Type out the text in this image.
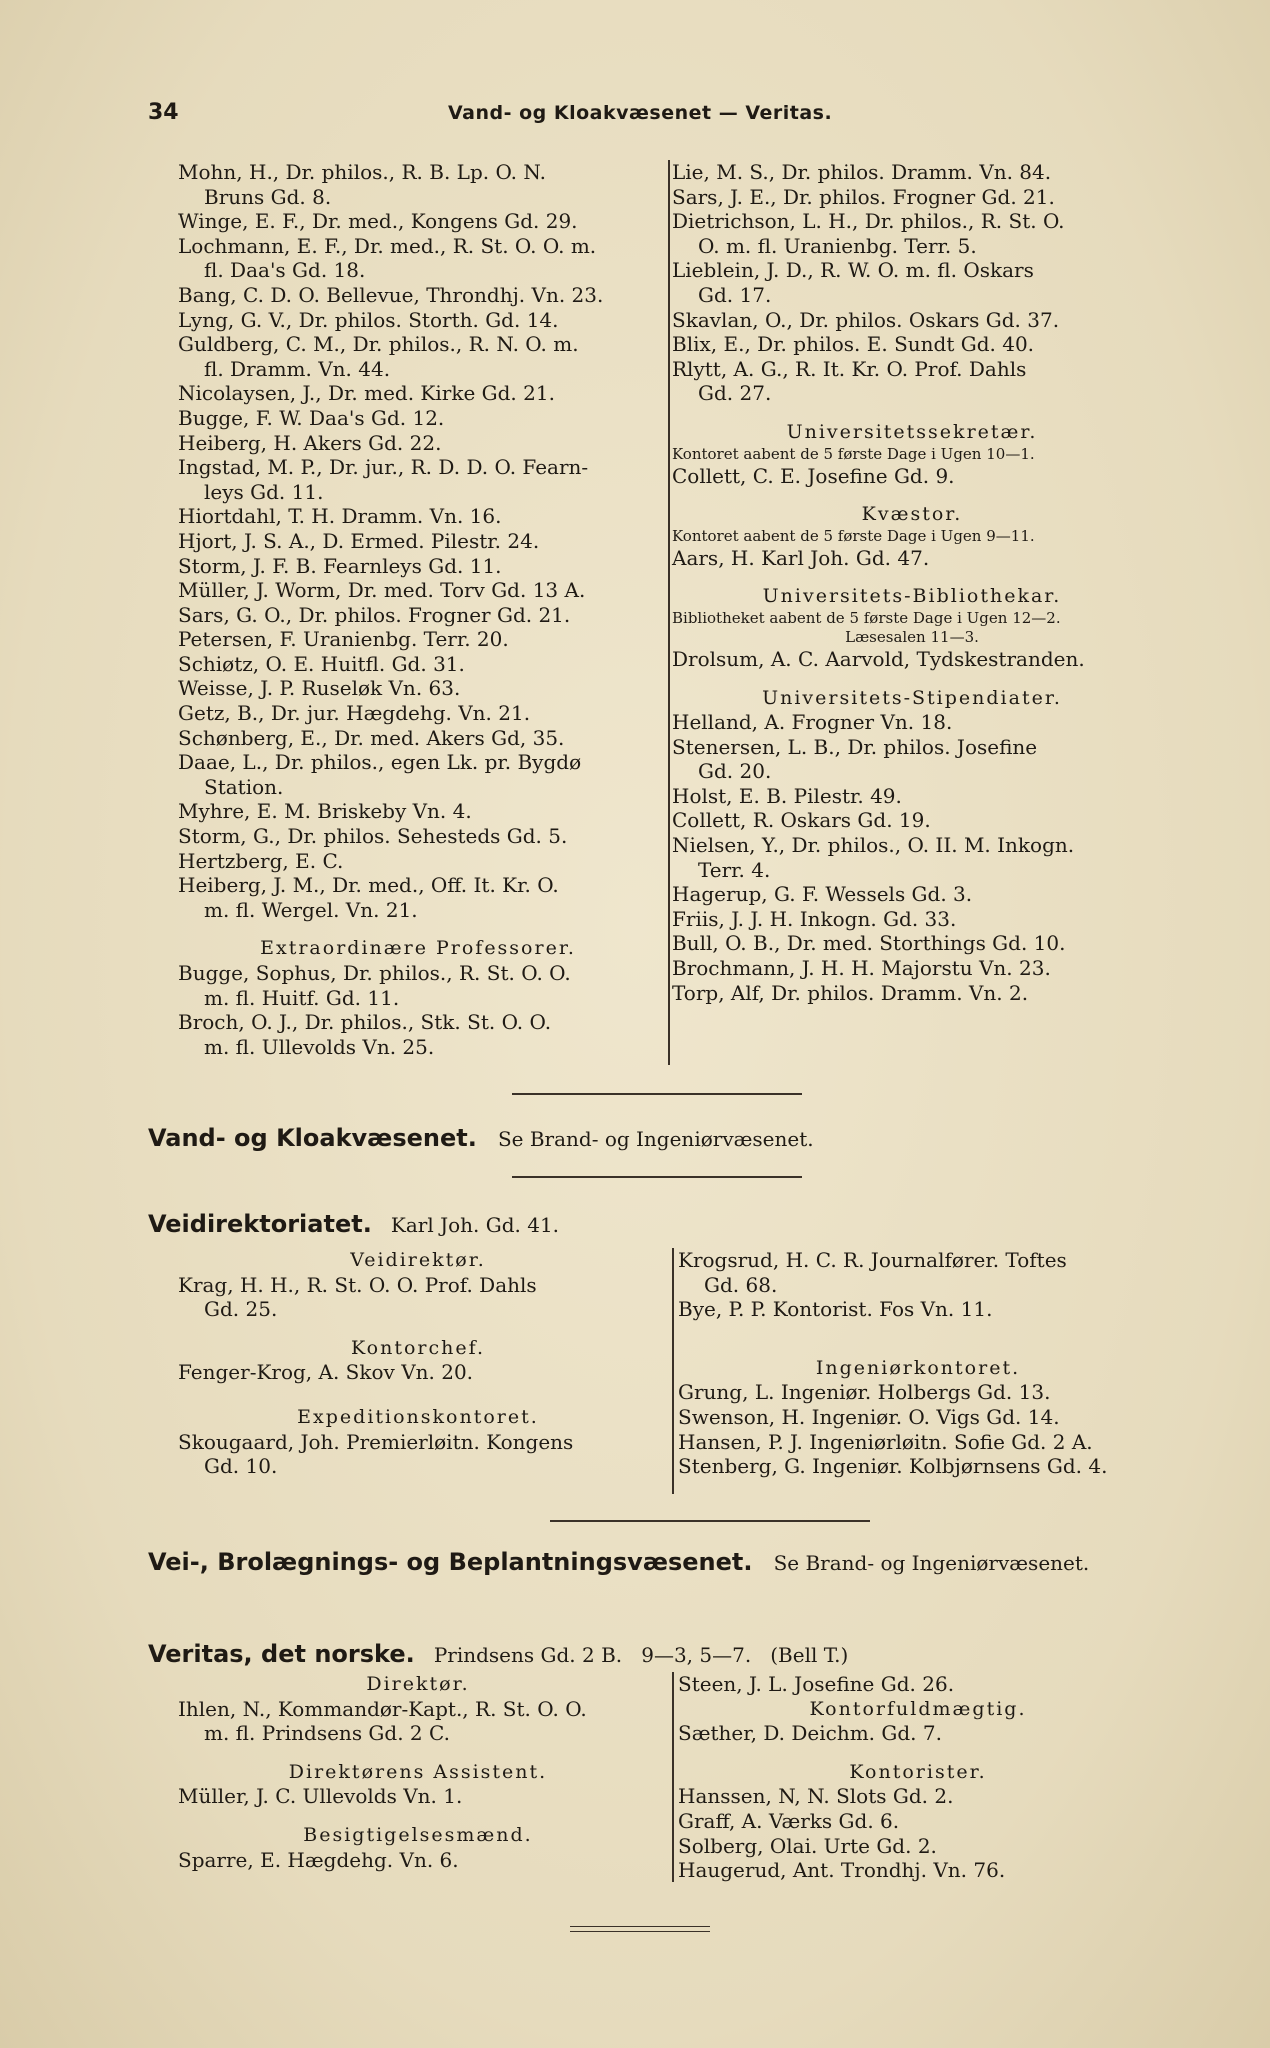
34	Vand- og Kloakvæsenet — Veritas.
Mohn, H., Dr. philos., R. B. Lp. O. N.
Bruns Gd. 8.
Winge, E. F., Dr. med., Kongens Gd. 29.
Lochmann, E. F., Dr. med., R. St. O. O. m.
fl. Daa's Gd. 18.
Bang, C. D. O. Bellevue, Throndhj. Vn. 23.
Lyng, G. V., Dr. philos. Storth. Gd. 14.
Guldberg, C. M., Dr. philos., R. N. O. m.
fl. Dramm. Vn. 44.
Nicolaysen, J., Dr. med. Kirke Gd. 21.
Bugge, F. W. Daa's Gd. 12.
Heiberg, H. Akers Gd. 22.
Ingstad, M. P., Dr. jur., R. D. D. O. Fearn-
leys Gd. 11.
Hiortdahl, T. H. Dramm. Vn. 16.
Hjort, J. S. A., D. Ermed. Pilestr. 24.
Storm, J. F. B. Fearnleys Gd. 11.
Müller, J. Worm, Dr. med. Torv Gd. 13 A.
Sars, G. O., Dr. philos. Frogner Gd. 21.
Petersen, F. Uranienbg. Terr. 20.
Schiøtz, O. E. Huitfl. Gd. 31.
Weisse, J. P. Ruseløk Vn. 63.
Getz, B., Dr. jur. Hægdehg. Vn. 21.
Schønberg, E., Dr. med. Akers Gd, 35.
Daae, L., Dr. philos., egen Lk. pr. Bygdø
Station.
Myhre, E. M. Briskeby Vn. 4.
Storm, G., Dr. philos. Sehesteds Gd. 5.
Hertzberg, E. C.
Heiberg, J. M., Dr. med., Off. It. Kr. O.
m. fl. Wergel. Vn. 21.
Extraordinære Professorer.
Bugge, Sophus, Dr. philos., R. St. O. O.
m. fl. Huitf. Gd. 11.
Broch, O. J., Dr. philos., Stk. St. O. O.
m. fl. Ullevolds Vn. 25.
Lie, M. S., Dr. philos. Dramm. Vn. 84.
Sars, J. E., Dr. philos. Frogner Gd. 21.
Dietrichson, L. H., Dr. philos., R. St. O.
O. m. fl. Uranienbg. Terr. 5.
Lieblein, J. D., R. W. O. m. fl. Oskars
Gd. 17.
Skavlan, O., Dr. philos. Oskars Gd. 37.
Blix, E., Dr. philos. E. Sundt Gd. 40.
Rlytt, A. G., R. It. Kr. O. Prof. Dahls
Gd. 27.
Universitetssekretær.
Kontoret aabent de 5 første Dage i Ugen 10—1.
Collett, C. E. Josefine Gd. 9.
Kvæstor.
Kontoret aabent de 5 første Dage i Ugen 9—11.
Aars, H. Karl Joh. Gd. 47.
Universitets-Bibliothekar.
Bibliotheket aabent de 5 første Dage i Ugen 12—2.
Læsesalen 11—3.
Drolsum, A. C. Aarvold, Tydskestranden.
Universitets-Stipendiater.
Helland, A. Frogner Vn. 18.
Stenersen, L. B., Dr. philos. Josefine
Gd. 20.
Holst, E. B. Pilestr. 49.
Collett, R. Oskars Gd. 19.
Nielsen, Y., Dr. philos., O. II. M. Inkogn.
Terr. 4.
Hagerup, G. F. Wessels Gd. 3.
Friis, J. J. H. Inkogn. Gd. 33.
Bull, O. B., Dr. med. Storthings Gd. 10.
Brochmann, J. H. H. Majorstu Vn. 23.
Torp, Alf, Dr. philos. Dramm. Vn. 2.
Vand- og Kloakvæsenet. Se Brand- og Ingeniørvæsenet.
Veidirektoriatet. Karl Joh. Gd. 41.
Veidirektør.
Krag, H. H., R. St. O. O. Prof. Dahls
Gd. 25.
Kontorchef.
Fenger-Krog, A. Skov Vn. 20.
Expeditionskontoret.
Skougaard, Joh. Premierløitn. Kongens
Gd. 10.
Krogsrud, H. C. R. Journalfører. Toftes
Gd. 68.
Bye, P. P. Kontorist. Fos Vn. 11.
Ingeniørkontoret.
Grung, L. Ingeniør. Holbergs Gd. 13.
Swenson, H. Ingeniør. O. Vigs Gd. 14.
Hansen, P. J. Ingeniørløitn. Sofie Gd. 2 A.
Stenberg, G. Ingeniør. Kolbjørnsens Gd. 4.
Vei-, Brolægnings- og Beplantningsvæsenet. Se Brand- og Ingeniørvæsenet.
Veritas, det norske. Prindsens Gd. 2 B.   9—3, 5—7.   (Bell T.)
Direktør.
Ihlen, N., Kommandør-Kapt., R. St. O. O.
m. fl. Prindsens Gd. 2 C.
Direktørens Assistent.
Müller, J. C. Ullevolds Vn. 1.
Besigtigelsesmænd.
Sparre, E. Hægdehg. Vn. 6.
Steen, J. L. Josefine Gd. 26.
Kontorfuldmægtig.
Sæther, D. Deichm. Gd. 7.
Kontorister.
Hanssen, N, N. Slots Gd. 2.
Graff, A. Værks Gd. 6.
Solberg, Olai. Urte Gd. 2.
Haugerud, Ant. Trondhj. Vn. 76.
